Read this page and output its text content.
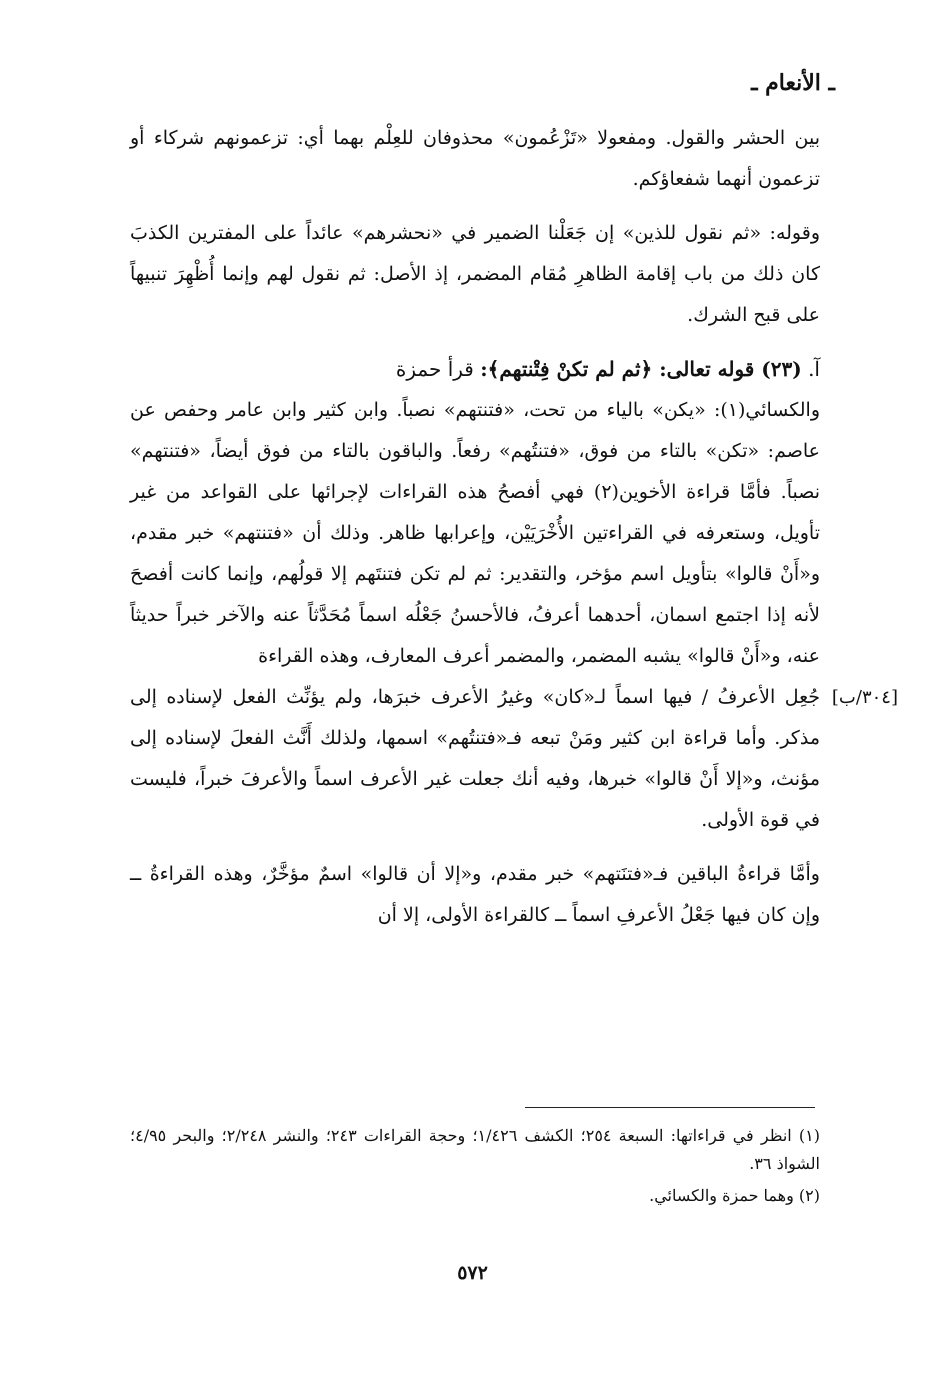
ـ الأنعام ـ

بين الحشر والقول. ومفعولا «تَزْعُمون» محذوفان للعِلْم بهما أي: تزعمونهم شركاء أو تزعمون أنهما شفعاؤكم.

وقوله: «ثم نقول للذين» إن جَعَلْنا الضمير في «نحشرهم» عائداً على المفترين الكذبَ كان ذلك من باب إقامة الظاهرِ مُقام المضمر، إذ الأصل: ثم نقول لهم وإنما أُظْهِرَ تنبيهاً على قبح الشرك.

آ. (٢٣) قوله تعالى: ﴿ثم لم تكنْ فِتْنتهم﴾: قرأ حمزة

والكسائي(١): «يكن» بالياء من تحت، «فتنتهم» نصباً. وابن كثير وابن عامر وحفص عن عاصم: «تكن» بالتاء من فوق، «فتنتُهم» رفعاً. والباقون بالتاء من فوق أيضاً، «فتنتهم» نصباً. فأمَّا قراءة الأخوين(٢) فهي أفصحُ هذه القراءات لإجرائها على القواعد من غير تأويل، وستعرفه في القراءتين الأُخْرَيَيْن، وإعرابها ظاهر. وذلك أن «فتنتهم» خبر مقدم، و«أَنْ قالوا» بتأويل اسم مؤخر، والتقدير: ثم لم تكن فتنتَهم إلا قولُهم، وإنما كانت أفصحَ لأنه إذا اجتمع اسمان، أحدهما أعرفُ، فالأحسنُ جَعْلُه اسماً مُحَدَّثاً عنه والآخر خبراً حديثاً عنه، و«أَنْ قالوا» يشبه المضمر، والمضمر أعرف المعارف، وهذه القراءة

[٣٠٤/ب]
جُعِل الأعرفُ / فيها اسماً لـ«كان» وغيرُ الأعرف خبرَها، ولم يؤنِّث الفعل لإسناده إلى مذكر. وأما قراءة ابن كثير ومَنْ تبعه فـ«فتنتُهم» اسمها، ولذلك أَنَّث الفعلَ لإسناده إلى مؤنث، و«إلا أَنْ قالوا» خبرها، وفيه أنك جعلت غير الأعرف اسماً والأعرفَ خبراً، فليست في قوة الأولى.

وأمَّا قراءةُ الباقين فـ«فتنَتهم» خبر مقدم، و«إلا أن قالوا» اسمٌ مؤخَّرٌ، وهذه القراءةُ ــ وإن كان فيها جَعْلُ الأعرفِ اسماً ــ كالقراءة الأولى، إلا أن

(١) انظر في قراءاتها: السبعة ٢٥٤؛ الكشف ١/٤٢٦؛ وحجة القراءات ٢٤٣؛ والنشر ٢/٢٤٨؛ والبحر ٤/٩٥؛ الشواذ ٣٦.

(٢) وهما حمزة والكسائي.

٥٧٢
